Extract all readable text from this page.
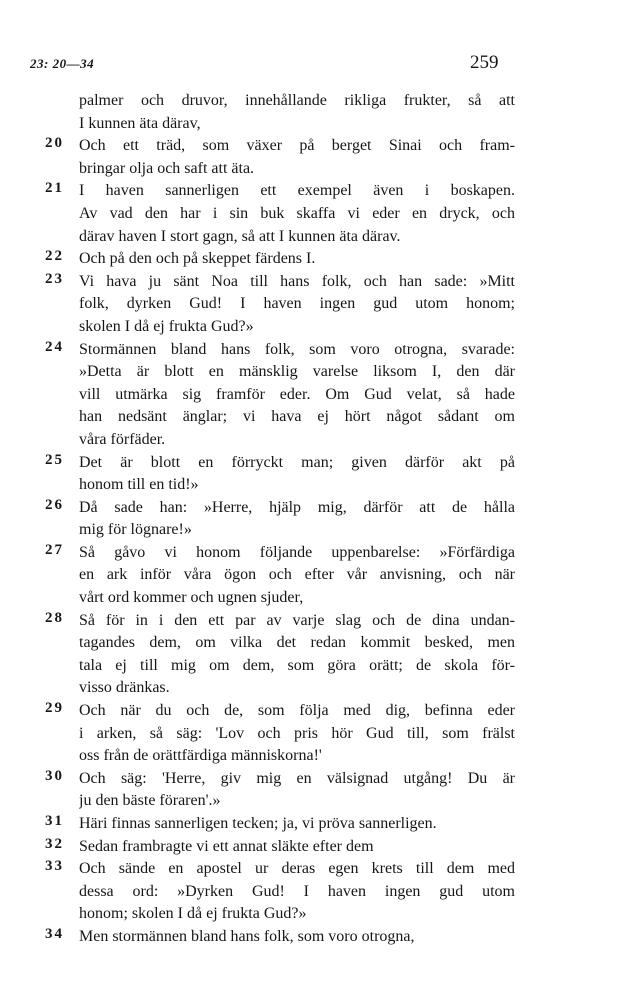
23: 20—34	259
palmer och druvor, innehållande rikliga frukter, så att
I kunnen äta därav,
20 Och ett träd, som växer på berget Sinai och fram-
bringar olja och saft att äta.
21 I haven sannerligen ett exempel även i boskapen.
Av vad den har i sin buk skaffa vi eder en dryck, och
därav haven I stort gagn, så att I kunnen äta därav.
22 Och på den och på skeppet färdens I.
23 Vi hava ju sänt Noa till hans folk, och han sade: »Mitt
folk, dyrken Gud! I haven ingen gud utom honom;
skolen I då ej frukta Gud?»
24 Stormännen bland hans folk, som voro otrogna, svarade:
»Detta är blott en mänsklig varelse liksom I, den där
vill utmärka sig framför eder. Om Gud velat, så hade
han nedsänt änglar; vi hava ej hört något sådant om
våra förfäder.
25 Det är blott en förryckt man; given därför akt på
honom till en tid!»
26 Då sade han: »Herre, hjälp mig, därför att de hålla
mig för lögnare!»
27 Så gåvo vi honom följande uppenbarelse: »Förfärdiga
en ark inför våra ögon och efter vår anvisning, och när
vårt ord kommer och ugnen sjuder,
28 Så för in i den ett par av varje slag och de dina undan-
tagandes dem, om vilka det redan kommit besked, men
tala ej till mig om dem, som göra orätt; de skola för-
visso dränkas.
29 Och när du och de, som följa med dig, befinna eder
i arken, så säg: 'Lov och pris hör Gud till, som frälst
oss från de orättfärdiga människorna!'
30 Och säg: 'Herre, giv mig en välsignad utgång! Du är
ju den bäste föraren'.»
31 Häri finnas sannerligen tecken; ja, vi pröva sannerligen.
32 Sedan frambragte vi ett annat släkte efter dem
33 Och sände en apostel ur deras egen krets till dem med
dessa ord: »Dyrken Gud! I haven ingen gud utom
honom; skolen I då ej frukta Gud?»
34 Men stormännen bland hans folk, som voro otrogna,
